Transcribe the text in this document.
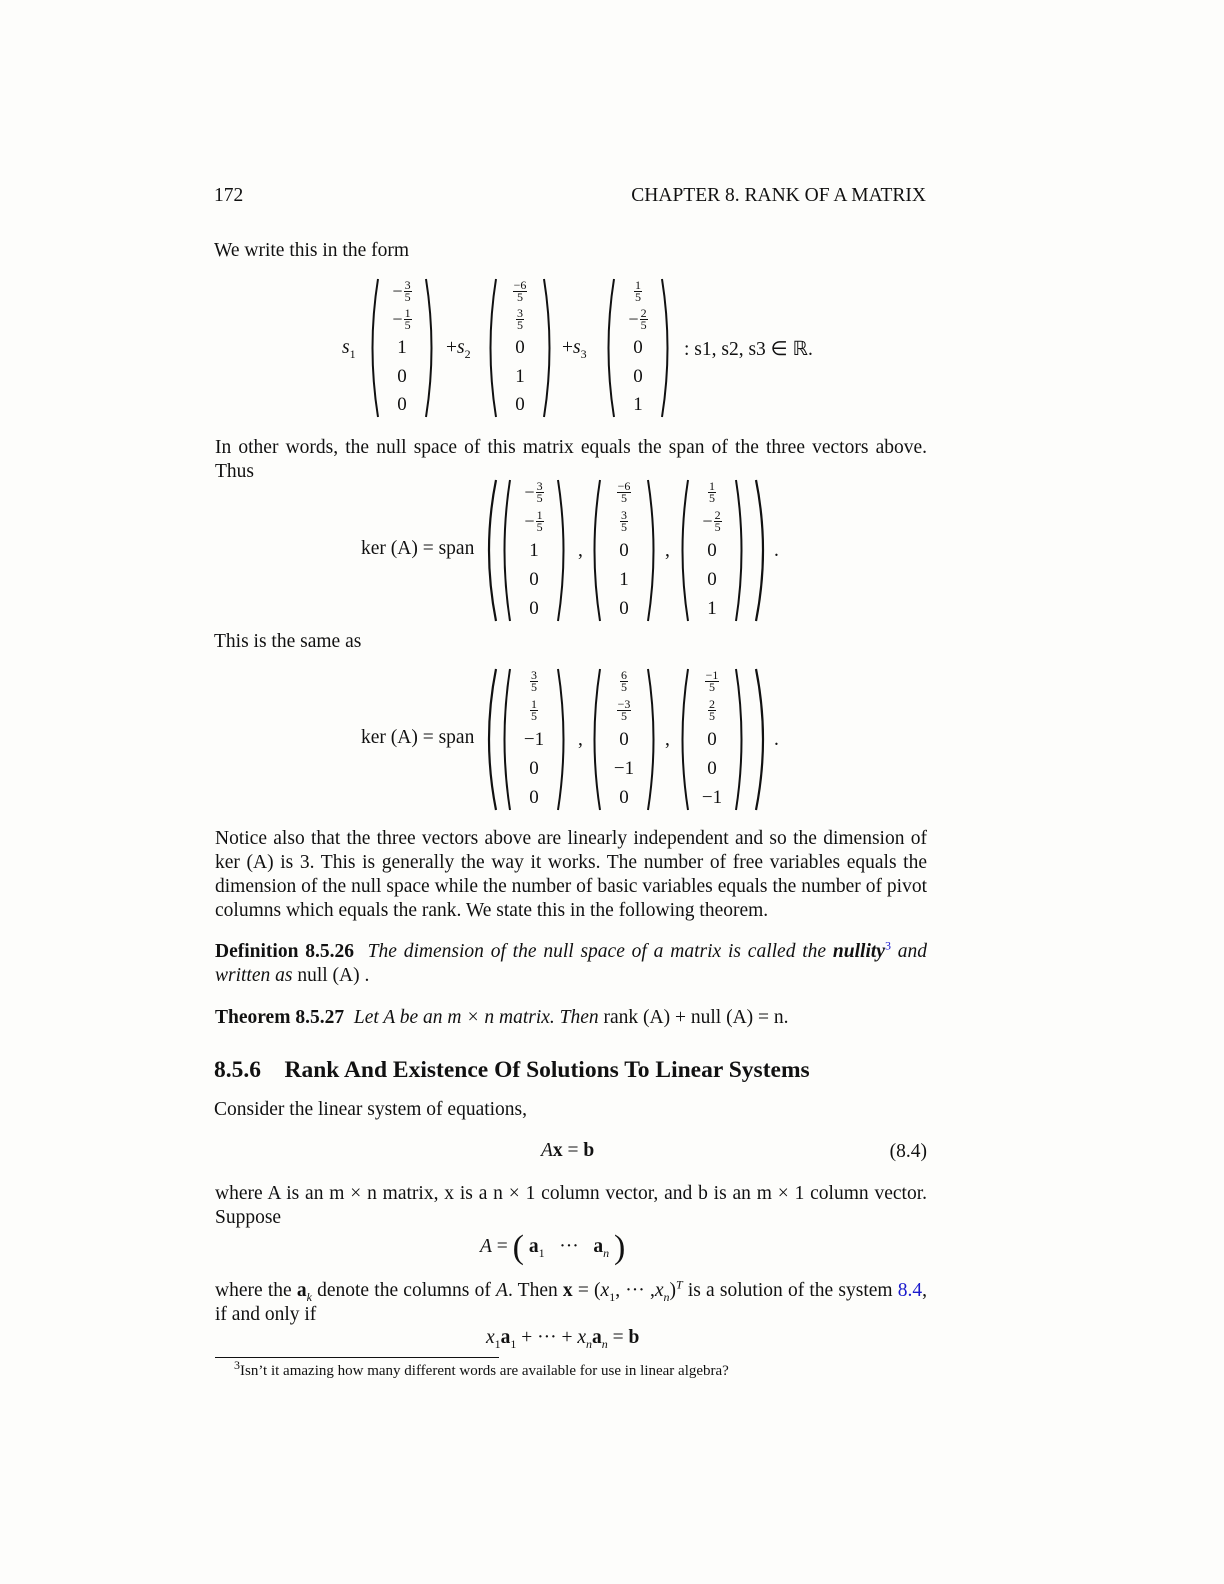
172	CHAPTER 8. RANK OF A MATRIX
We write this in the form
$s_1$
− $\frac{3}{5}$
− $\frac{1}{5}$
1
0
0
$+s_2$
$\frac{-6}{5}$
$\frac{3}{5}$
0
1
0
$+s_3$
$\frac{1}{5}$
− $\frac{2}{5}$
0
0
1
: s1, s2, s3 ∈ ℝ.
In other words, the null space of this matrix equals the span of the three vectors above. Thus
ker (A) = span
− $\frac{3}{5}$
− $\frac{1}{5}$
1
0
0
,
$\frac{-6}{5}$
$\frac{3}{5}$
0
1
0
,
$\frac{1}{5}$
− $\frac{2}{5}$
0
0
1
.
This is the same as
ker (A) = span
$\frac{3}{5}$
$\frac{1}{5}$
−1
0
0
,
$\frac{6}{5}$
$\frac{-3}{5}$
0
−1
0
,
$\frac{-1}{5}$
$\frac{2}{5}$
0
0
−1
.
Notice also that the three vectors above are linearly independent and so the dimension of ker (A) is 3. This is generally the way it works. The number of free variables equals the dimension of the null space while the number of basic variables equals the number of pivot columns which equals the rank. We state this in the following theorem.
Definition 8.5.26 The dimension of the null space of a matrix is called the nullity$^3$ and written as null (A) .
Theorem 8.5.27 Let A be an m × n matrix. Then rank (A) + null (A) = n.
8.5.6 Rank And Existence Of Solutions To Linear Systems
Consider the linear system of equations,
Ax = b	(8.4)
where A is an m × n matrix, x is a n × 1 column vector, and b is an m × 1 column vector. Suppose
A = ( $a_1$   ···   $a_n$ )
where the $a_k$ denote the columns of A. Then $x = (x_1$, ··· $,x_n)^T$ is a solution of the system 8.4, if and only if
$x_1a_1$ + ··· + $x_na_n = b$
$^3$Isn’t it amazing how many different words are available for use in linear algebra?
